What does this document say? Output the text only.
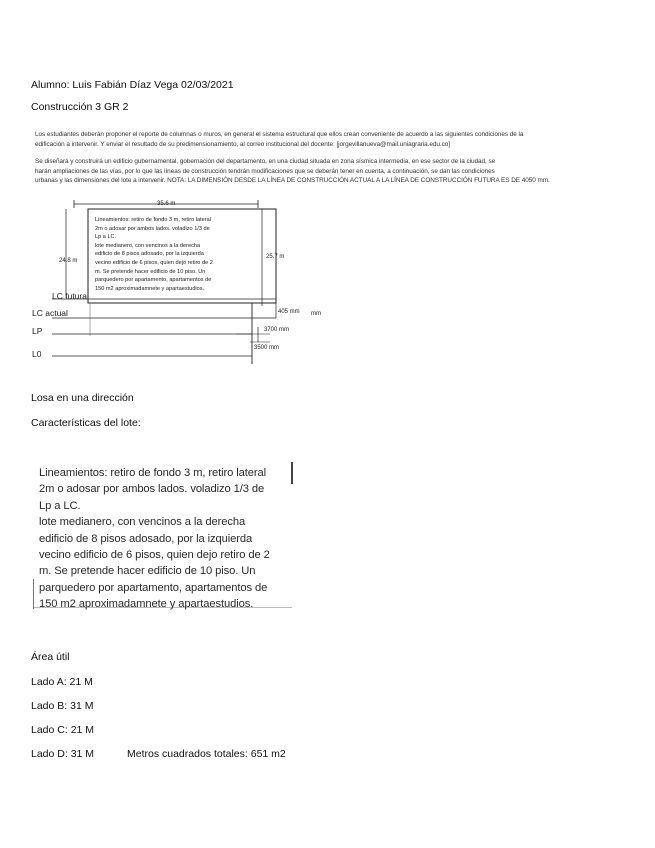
Alumno: Luis Fabián Díaz Vega 02/03/2021
Construcción 3 GR 2
Los estudiantes deberán proponer el reporte de columnas o muros, en general el sistema estructural que ellos crean conveniente de acuerdo a las siguientes condiciones de la
edificación a intervenir. Y enviar el resultado de su predimensionamiento, al correo institucional del docente: [jorgevillanueva@mail.uniagraria.edu.co]
Se diseñará y construirá un edificio gubernamental, gobernación del departamento, en una ciudad situada en zona sísmica intermedia, en ese sector de la ciudad, se
harán ampliaciones de las vías, por lo que las líneas de construcción tendrán modificaciones que se deberán tener en cuenta, a continuación, se dan las condiciones
urbanas y las dimensiones del lote a intervenir. NOTA: LA DIMENSIÓN DESDE LA LÍNEA DE CONSTRUCCIÓN ACTUAL A LA LÍNEA DE CONSTRUCCIÓN FUTURA ES DE 4050 mm.
35.6 m
24.8 m
25.7 m
405 mm mm
3700 mm
3500 mm
LC futura
LC actual
LP
L0
Lineamientos: retiro de fondo 3 m, retiro lateral
2m o adosar por ambos lados. voladizo 1/3 de
Lp a LC.
lote medianero, con vencinos a la derecha
edificio de 8 pisos adosado, por la izquierda
vecino edificio de 6 pisos, quien dejo retiro de 2
m. Se pretende hacer edificio de 10 piso. Un
parquedero por apartamento, apartamentos de
150 m2 aproximadamnete y apartaestudios.
Losa en una dirección
Características del lote:
Lineamientos: retiro de fondo 3 m, retiro lateral
2m o adosar por ambos lados. voladizo 1/3 de
Lp a LC.
lote medianero, con vencinos a la derecha
edificio de 8 pisos adosado, por la izquierda
vecino edificio de 6 pisos, quien dejo retiro de 2
m. Se pretende hacer edificio de 10 piso. Un
parquedero por apartamento, apartamentos de
150 m2 aproximadamnete y apartaestudios.
Área útil
Lado A: 21 M
Lado B: 31 M
Lado C: 21 M
Lado D: 31 M	Metros cuadrados totales: 651 m2
